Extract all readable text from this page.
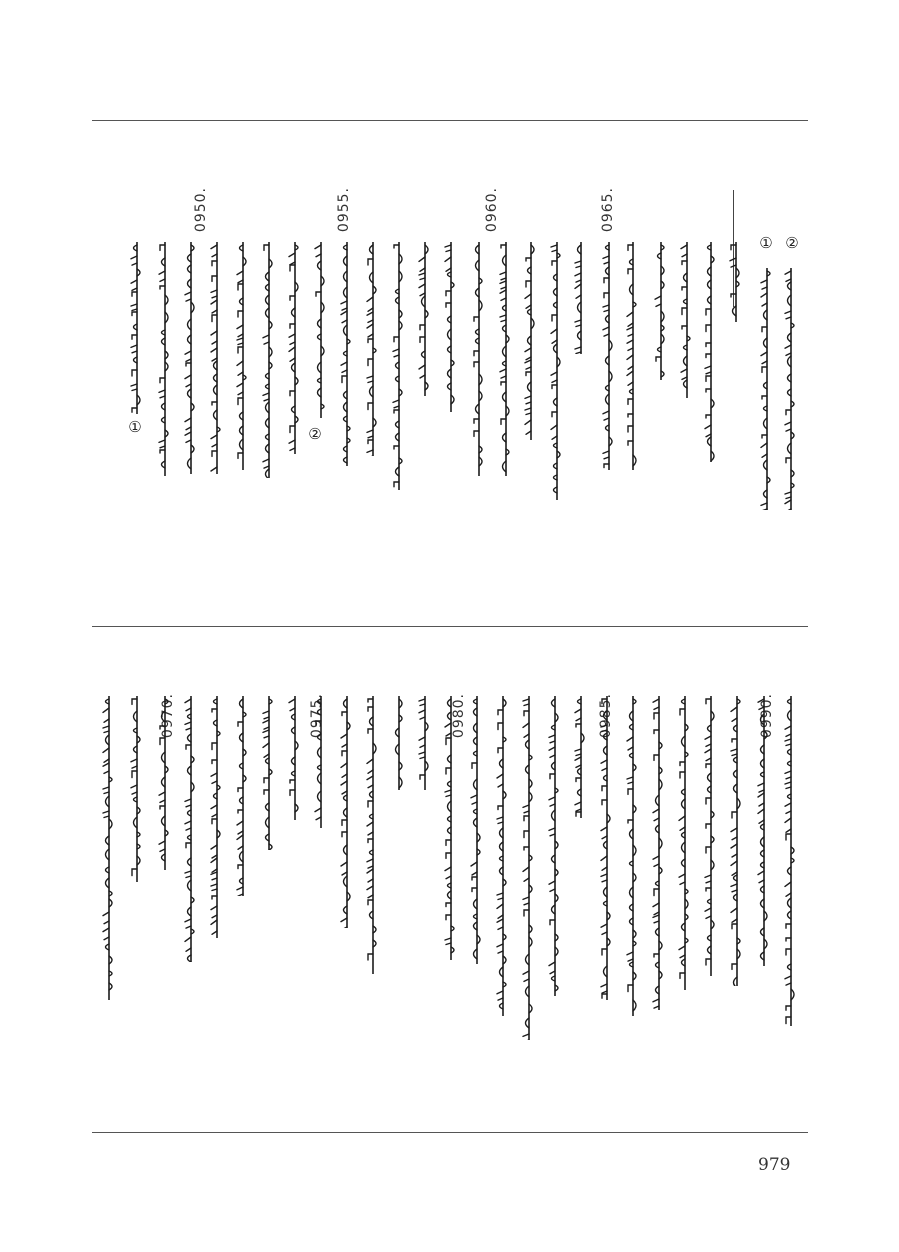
②
①
②
①
0965.
0960.
0955.
0950.
0990.
0985.
0980.
0975.
0970.
979
